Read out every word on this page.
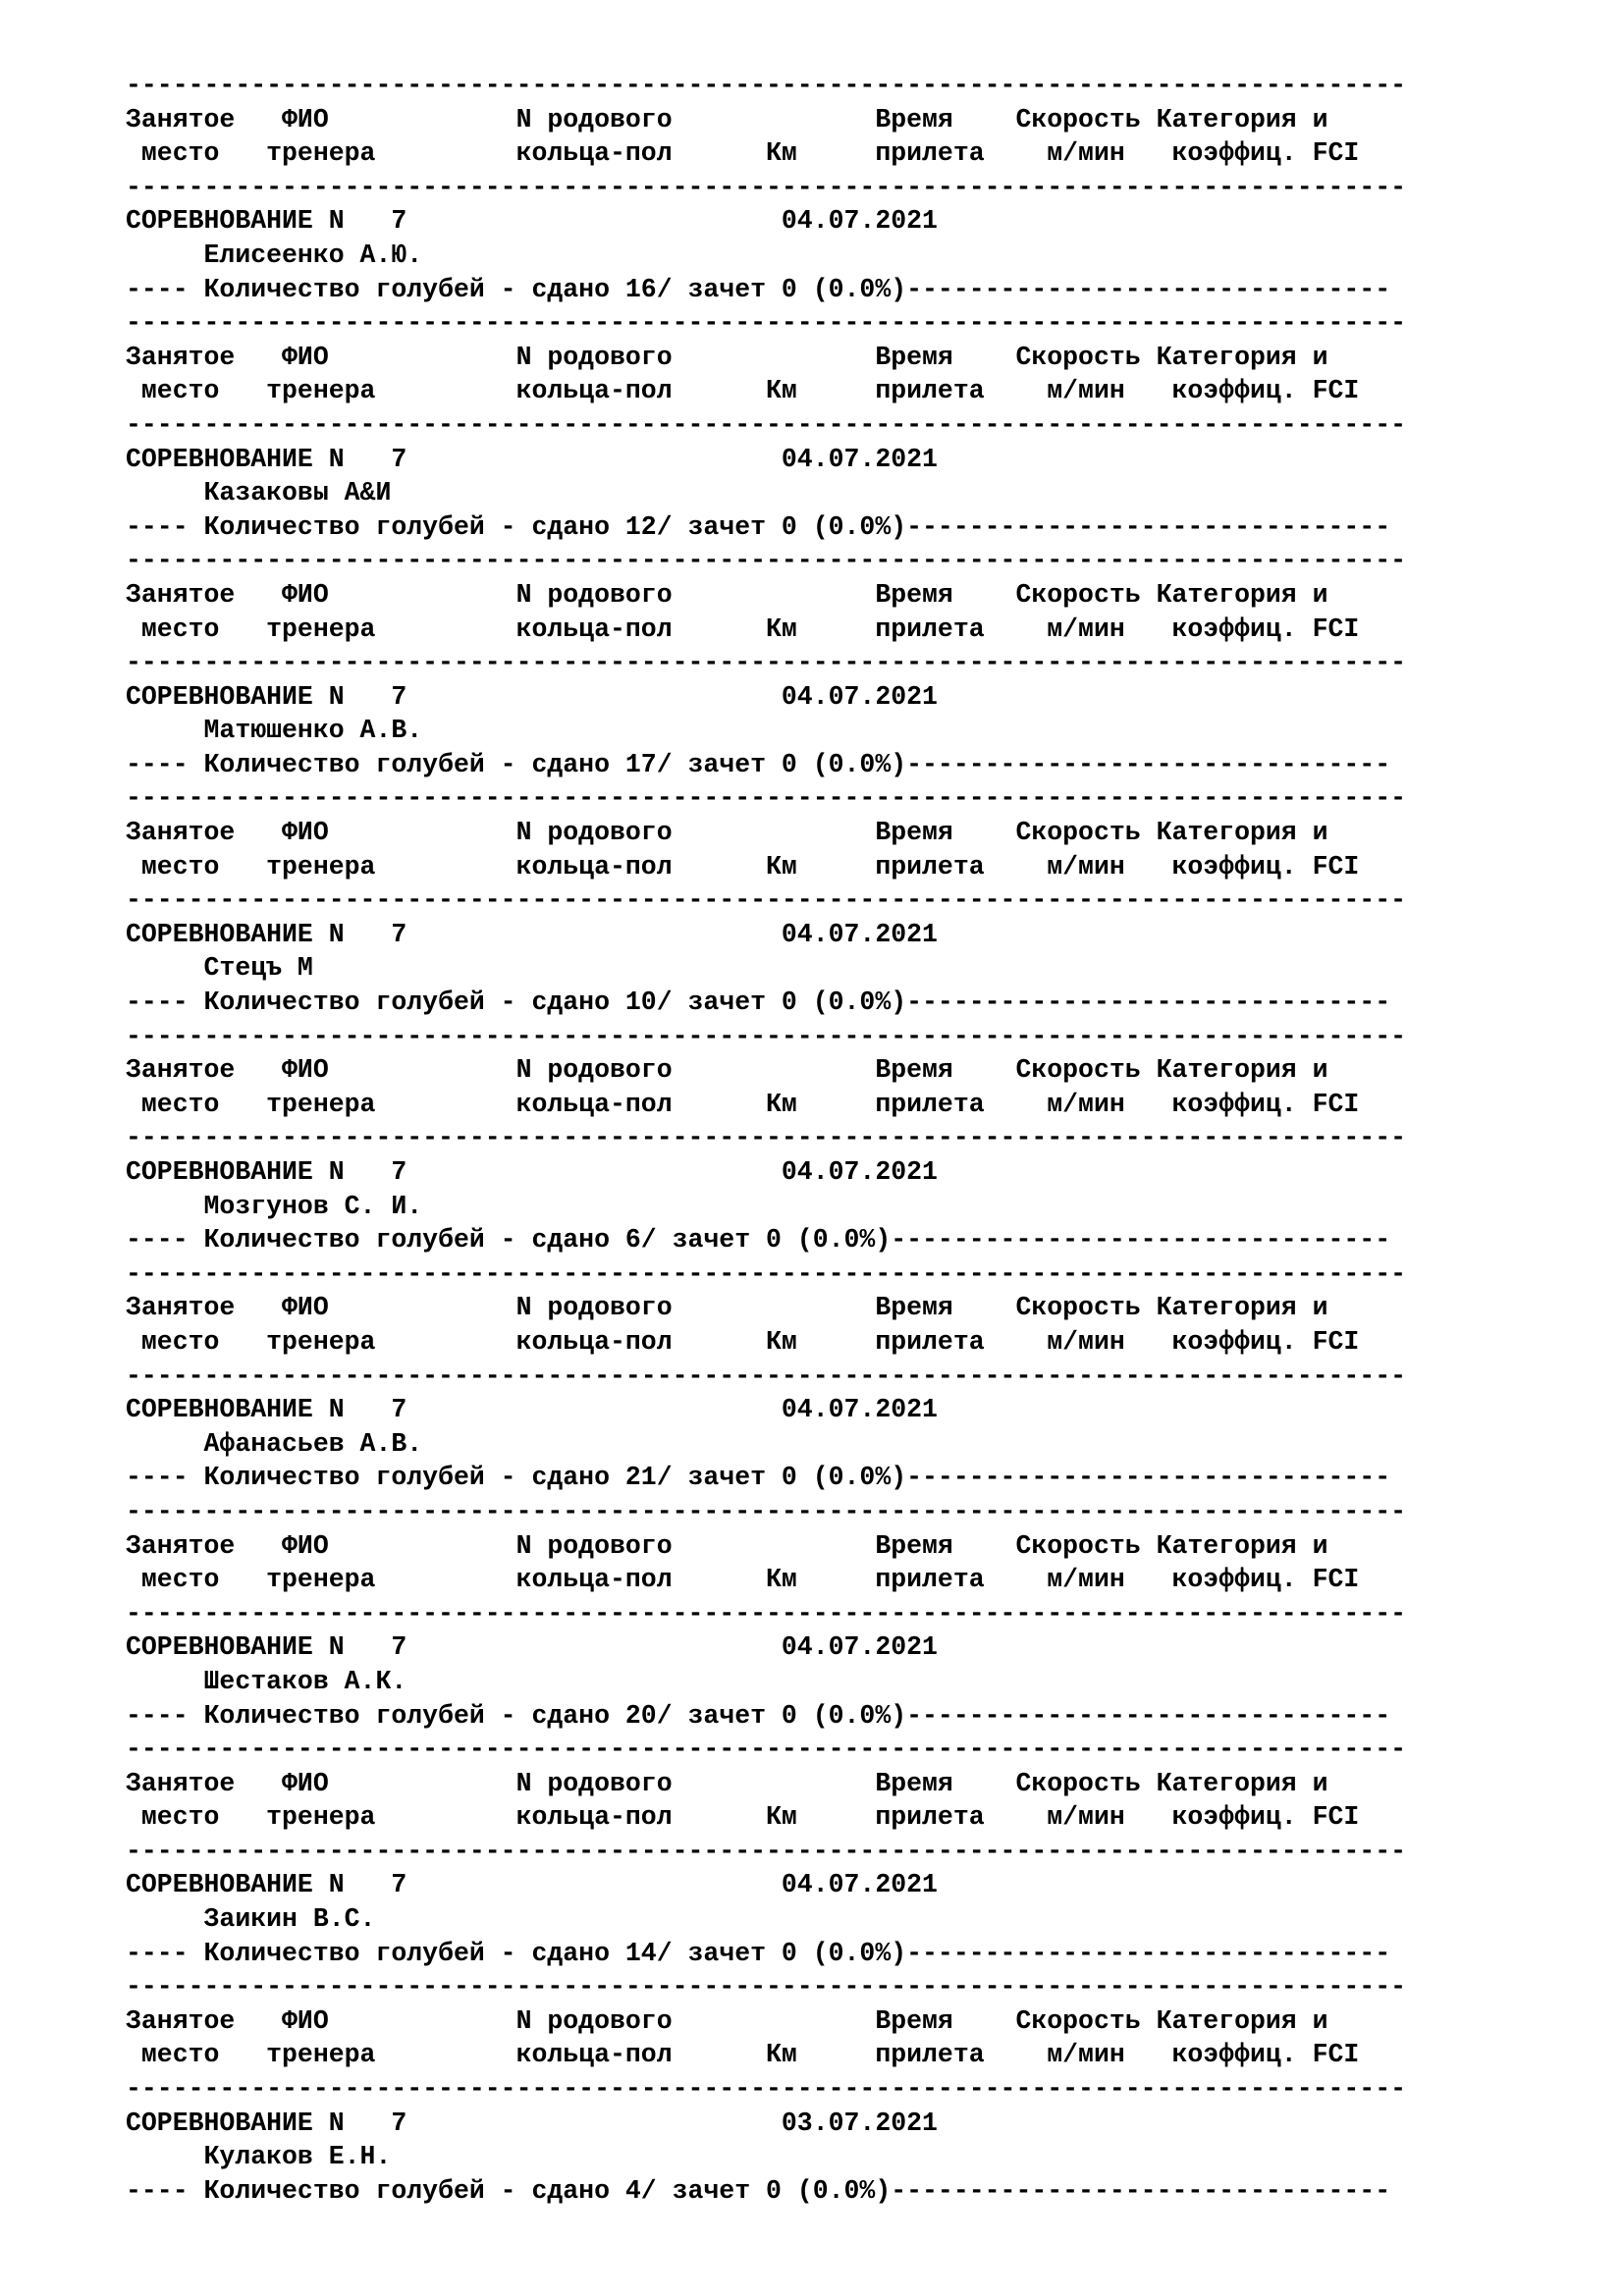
----------------------------------------------------------------------------------
Занятое   ФИО            N родового             Время    Скорость Категория и
место   тренера         кольца-пол      Км     прилета    м/мин   коэффиц. FCI
----------------------------------------------------------------------------------
СОРЕВНОВАНИЕ N   7                        04.07.2021
Елисеенко А.Ю.
---- Количество голубей - сдано 16/ зачет 0 (0.0%)-------------------------------
----------------------------------------------------------------------------------
Занятое   ФИО            N родового             Время    Скорость Категория и
место   тренера         кольца-пол      Км     прилета    м/мин   коэффиц. FCI
----------------------------------------------------------------------------------
СОРЕВНОВАНИЕ N   7                        04.07.2021
Казаковы А&И
---- Количество голубей - сдано 12/ зачет 0 (0.0%)-------------------------------
----------------------------------------------------------------------------------
Занятое   ФИО            N родового             Время    Скорость Категория и
место   тренера         кольца-пол      Км     прилета    м/мин   коэффиц. FCI
----------------------------------------------------------------------------------
СОРЕВНОВАНИЕ N   7                        04.07.2021
Матюшенко А.В.
---- Количество голубей - сдано 17/ зачет 0 (0.0%)-------------------------------
----------------------------------------------------------------------------------
Занятое   ФИО            N родового             Время    Скорость Категория и
место   тренера         кольца-пол      Км     прилета    м/мин   коэффиц. FCI
----------------------------------------------------------------------------------
СОРЕВНОВАНИЕ N   7                        04.07.2021
Стецъ М
---- Количество голубей - сдано 10/ зачет 0 (0.0%)-------------------------------
----------------------------------------------------------------------------------
Занятое   ФИО            N родового             Время    Скорость Категория и
место   тренера         кольца-пол      Км     прилета    м/мин   коэффиц. FCI
----------------------------------------------------------------------------------
СОРЕВНОВАНИЕ N   7                        04.07.2021
Мозгунов С. И.
---- Количество голубей - сдано 6/ зачет 0 (0.0%)--------------------------------
----------------------------------------------------------------------------------
Занятое   ФИО            N родового             Время    Скорость Категория и
место   тренера         кольца-пол      Км     прилета    м/мин   коэффиц. FCI
----------------------------------------------------------------------------------
СОРЕВНОВАНИЕ N   7                        04.07.2021
Афанасьев А.В.
---- Количество голубей - сдано 21/ зачет 0 (0.0%)-------------------------------
----------------------------------------------------------------------------------
Занятое   ФИО            N родового             Время    Скорость Категория и
место   тренера         кольца-пол      Км     прилета    м/мин   коэффиц. FCI
----------------------------------------------------------------------------------
СОРЕВНОВАНИЕ N   7                        04.07.2021
Шестаков А.К.
---- Количество голубей - сдано 20/ зачет 0 (0.0%)-------------------------------
----------------------------------------------------------------------------------
Занятое   ФИО            N родового             Время    Скорость Категория и
место   тренера         кольца-пол      Км     прилета    м/мин   коэффиц. FCI
----------------------------------------------------------------------------------
СОРЕВНОВАНИЕ N   7                        04.07.2021
Заикин В.С.
---- Количество голубей - сдано 14/ зачет 0 (0.0%)-------------------------------
----------------------------------------------------------------------------------
Занятое   ФИО            N родового             Время    Скорость Категория и
место   тренера         кольца-пол      Км     прилета    м/мин   коэффиц. FCI
----------------------------------------------------------------------------------
СОРЕВНОВАНИЕ N   7                        03.07.2021
Кулаков Е.Н.
---- Количество голубей - сдано 4/ зачет 0 (0.0%)--------------------------------
